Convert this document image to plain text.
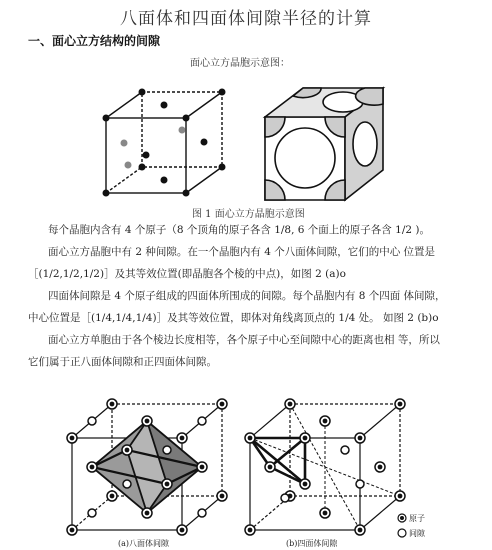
八面体和四面体间隙半径的计算
一、面心立方结构的间隙
面心立方晶胞示意图：
图 1 面心立方晶胞示意图
每个晶胞内含有 4 个原子（8 个顶角的原子各含 1/8, 6 个面上的原子各含 1/2 )。
面心立方晶胞中有 2 种间隙。在一个晶胞内有 4 个八面体间隙，它们的中心 位置是
［(1/2,1/2,1/2)］及其等效位置(即晶胞各个棱的中点)，如图 2 (a)o
四面体间隙是 4 个原子组成的四面体所围成的间隙。每个晶胞内有 8 个四面 体间隙，
中心位置是［(1/4,1/4,1/4)］及其等效位置，即体对角线离顶点的 1/4 处。 如图 2 (b)o
面心立方单胞由于各个棱边长度相等，各个原子中心至间隙中心的距离也相 等，所以
它们属于正八面体间隙和正四面体间隙。
原子
间隙
(a)八面体间隙	(b)四面体间隙
